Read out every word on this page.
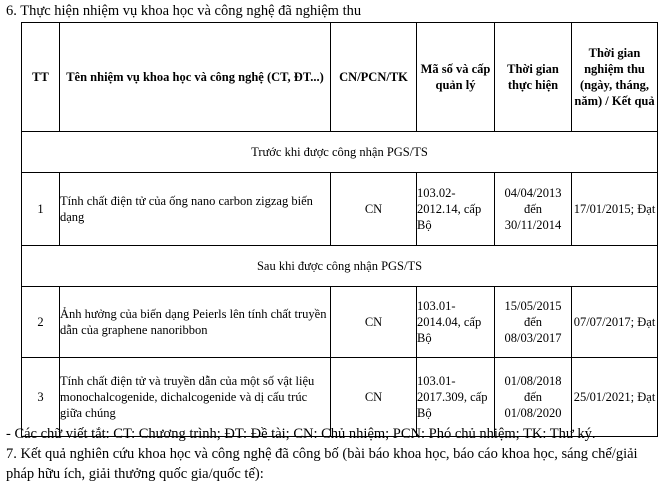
6. Thực hiện nhiệm vụ khoa học và công nghệ đã nghiệm thu
TT	Tên nhiệm vụ khoa học và công nghệ (CT, ĐT...)	CN/PCN/TK	Mã số và cấp quản lý	Thời gian thực hiện	Thời gian nghiệm thu (ngày, tháng, năm) / Kết quả
Trước khi được công nhận PGS/TS					
1	Tính chất điện tử của ống nano carbon zigzag biến dạng	CN	103.02-2012.14, cấp Bộ	04/04/2013 đến 30/11/2014	17/01/2015; Đạt
Sau khi được công nhận PGS/TS					
2	Ảnh hưởng của biến dạng Peierls lên tính chất truyền dẫn của graphene nanoribbon	CN	103.01-2014.04, cấp Bộ	15/05/2015 đến 08/03/2017	07/07/2017; Đạt
3	Tính chất điện tử và truyền dẫn của một số vật liệu monochalcogenide, dichalcogenide và dị cấu trúc giữa chúng	CN	103.01-2017.309, cấp Bộ	01/08/2018 đến 01/08/2020	25/01/2021; Đạt
- Các chữ viết tắt: CT: Chương trình; ĐT: Đề tài; CN: Chủ nhiệm; PCN: Phó chủ nhiệm; TK: Thư ký.
7. Kết quả nghiên cứu khoa học và công nghệ đã công bố (bài báo khoa học, báo cáo khoa học, sáng chế/giải pháp hữu ích, giải thưởng quốc gia/quốc tế):
